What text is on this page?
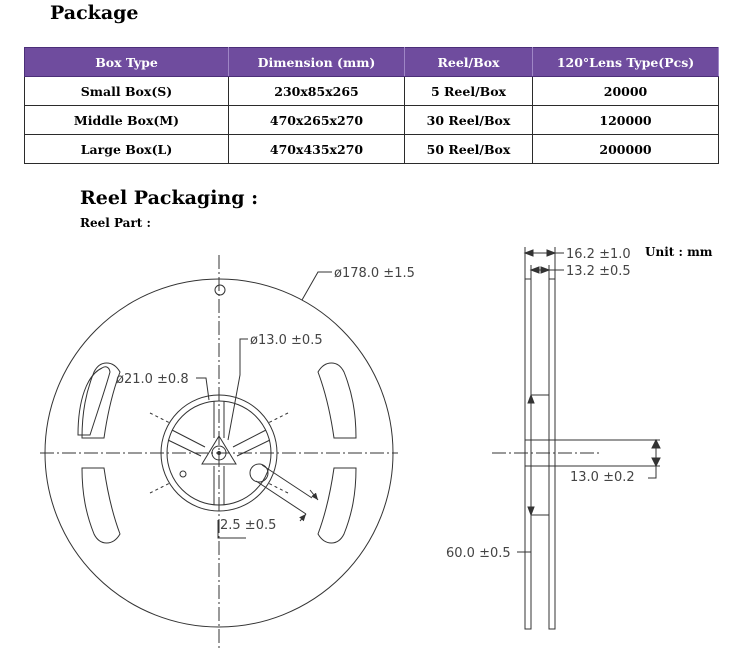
Package
Box Type	Dimension (mm)	Reel/Box	120°Lens Type(Pcs)
Small Box(S)	230x85x265	5 Reel/Box	20000
Middle Box(M)	470x265x270	30 Reel/Box	120000
Large Box(L)	470x435x270	50 Reel/Box	200000
Reel Packaging :
Reel Part :
Unit : mm
ø178.0 ±1.5
ø13.0 ±0.5
ø21.0 ±0.8
2.5 ±0.5
16.2 ±1.0
13.2 ±0.5
13.0 ±0.2
60.0 ±0.5
